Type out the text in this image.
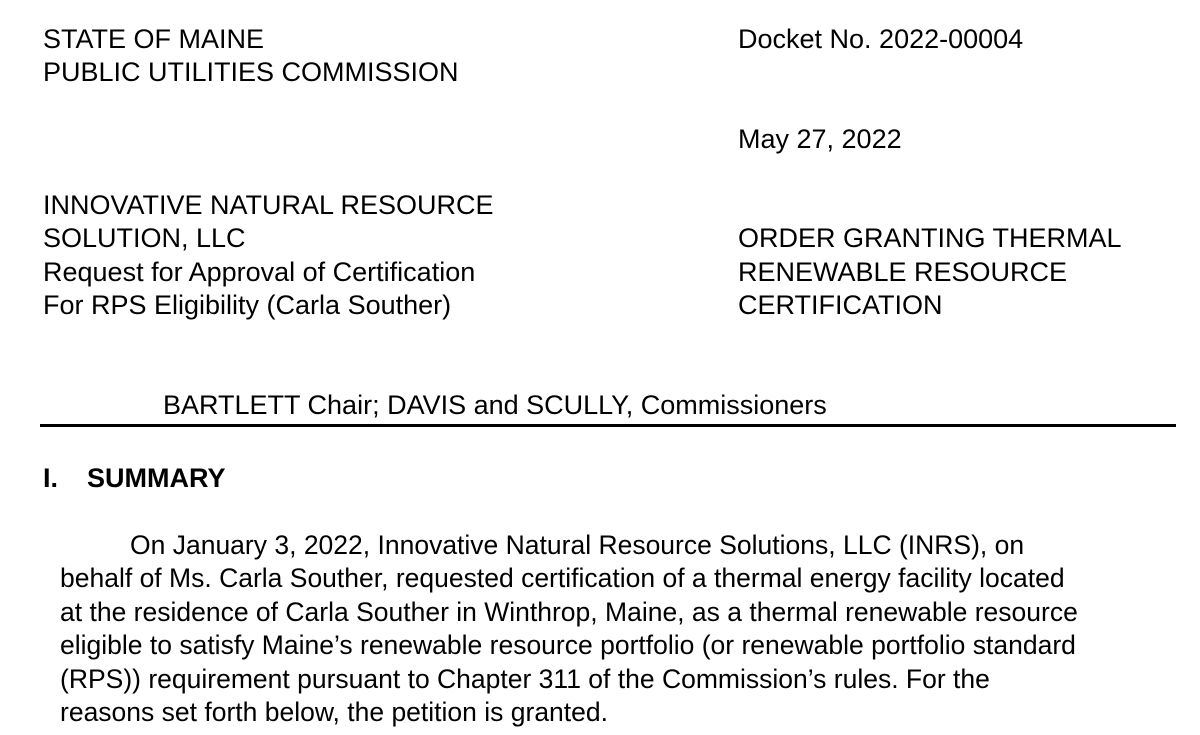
STATE OF MAINE
PUBLIC UTILITIES COMMISSION
Docket No. 2022-00004
May 27, 2022
INNOVATIVE NATURAL RESOURCE
SOLUTION, LLC
Request for Approval of Certification
For RPS Eligibility (Carla Souther)
ORDER GRANTING THERMAL
RENEWABLE RESOURCE
CERTIFICATION
BARTLETT Chair; DAVIS and SCULLY, Commissioners
I. SUMMARY
On January 3, 2022, Innovative Natural Resource Solutions, LLC (INRS), on
behalf of Ms. Carla Souther, requested certification of a thermal energy facility located
at the residence of Carla Souther in Winthrop, Maine, as a thermal renewable resource
eligible to satisfy Maine’s renewable resource portfolio (or renewable portfolio standard
(RPS)) requirement pursuant to Chapter 311 of the Commission’s rules. For the
reasons set forth below, the petition is granted.
